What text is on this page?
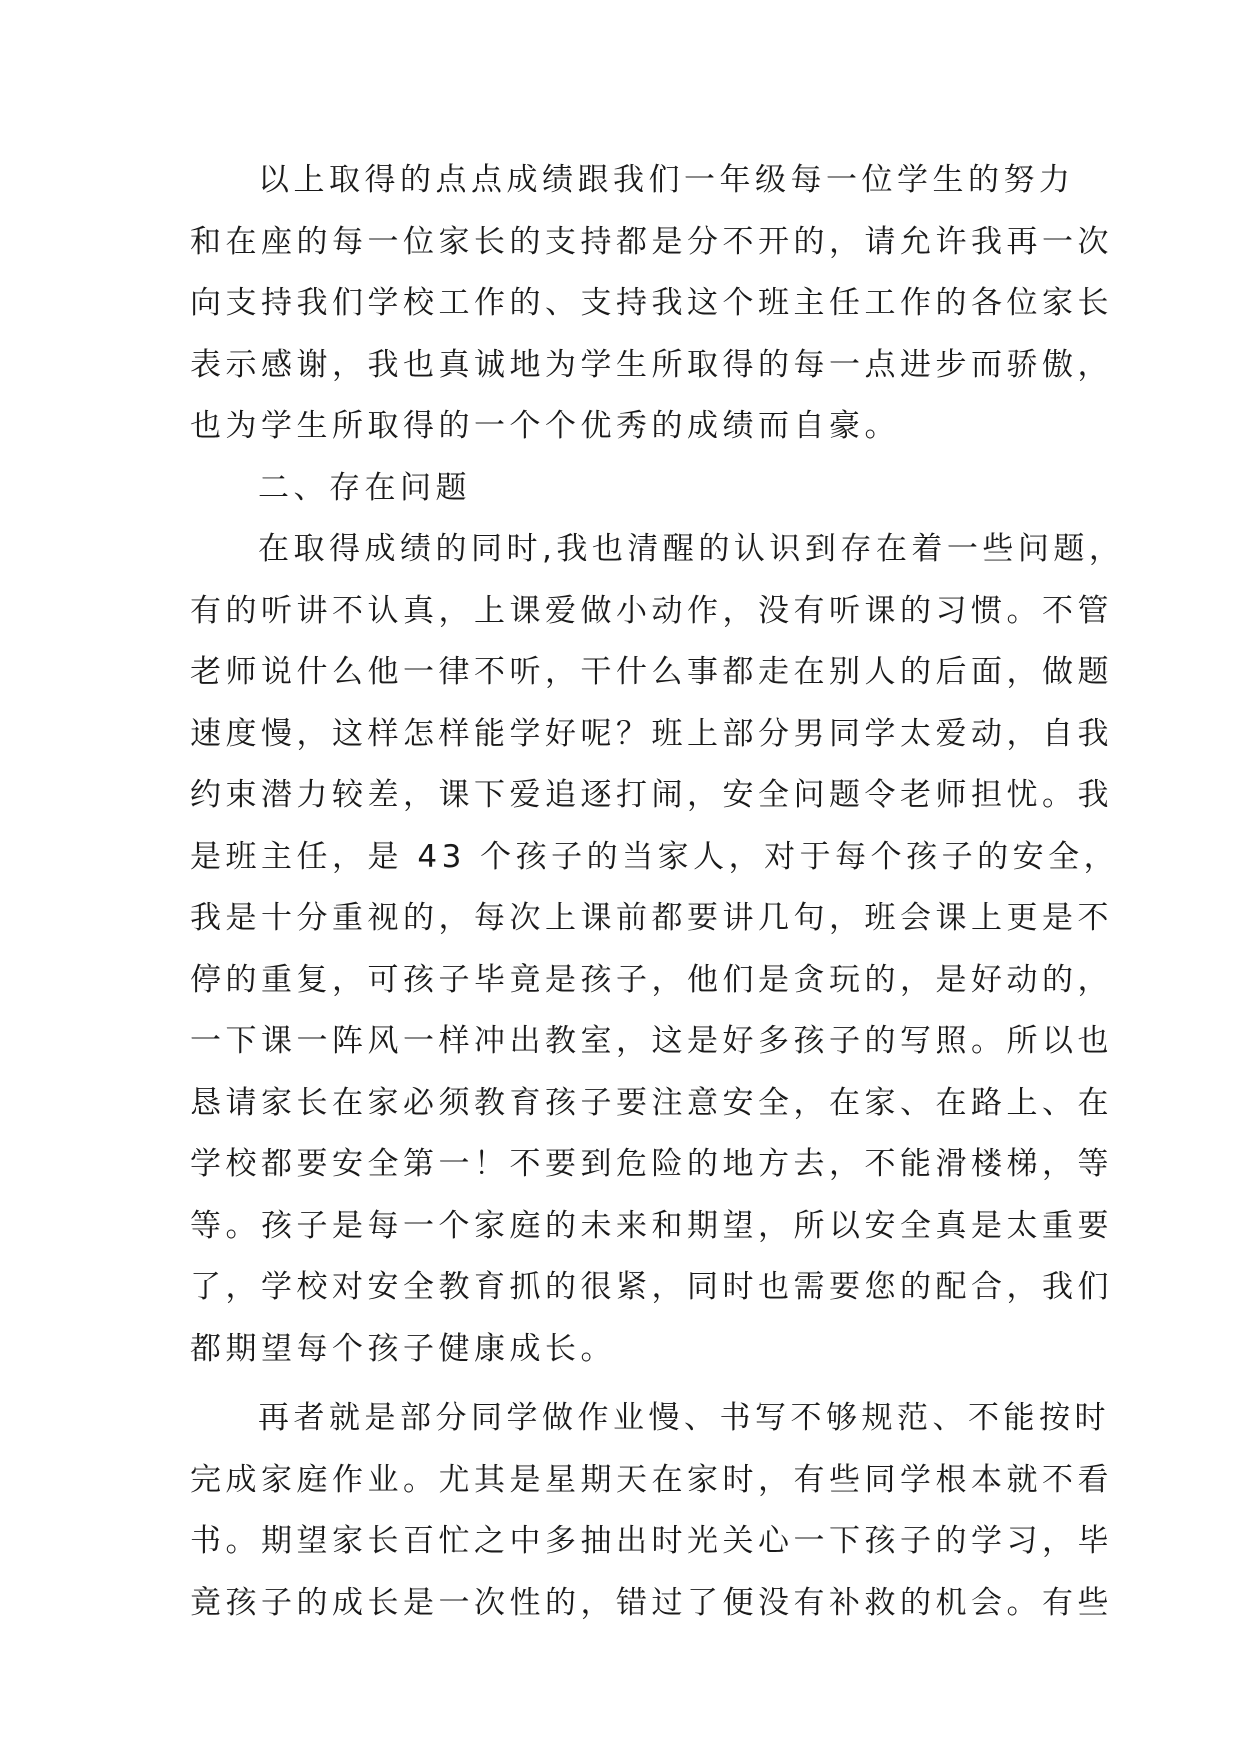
以上取得的点点成绩跟我们一年级每一位学生的努力
和在座的每一位家长的支持都是分不开的，请允许我再一次
向支持我们学校工作的、支持我这个班主任工作的各位家长
表示感谢，我也真诚地为学生所取得的每一点进步而骄傲，
也为学生所取得的一个个优秀的成绩而自豪。
二、存在问题
在取得成绩的同时,我也清醒的认识到存在着一些问题，
有的听讲不认真，上课爱做小动作，没有听课的习惯。不管
老师说什么他一律不听，干什么事都走在别人的后面，做题
速度慢，这样怎样能学好呢？班上部分男同学太爱动，自我
约束潜力较差，课下爱追逐打闹，安全问题令老师担忧。我
是班主任，是 43 个孩子的当家人，对于每个孩子的安全，
我是十分重视的，每次上课前都要讲几句，班会课上更是不
停的重复，可孩子毕竟是孩子，他们是贪玩的，是好动的，
一下课一阵风一样冲出教室，这是好多孩子的写照。所以也
恳请家长在家必须教育孩子要注意安全，在家、在路上、在
学校都要安全第一！不要到危险的地方去，不能滑楼梯，等
等。孩子是每一个家庭的未来和期望，所以安全真是太重要
了，学校对安全教育抓的很紧，同时也需要您的配合，我们
都期望每个孩子健康成长。
再者就是部分同学做作业慢、书写不够规范、不能按时
完成家庭作业。尤其是星期天在家时，有些同学根本就不看
书。期望家长百忙之中多抽出时光关心一下孩子的学习，毕
竟孩子的成长是一次性的，错过了便没有补救的机会。有些
